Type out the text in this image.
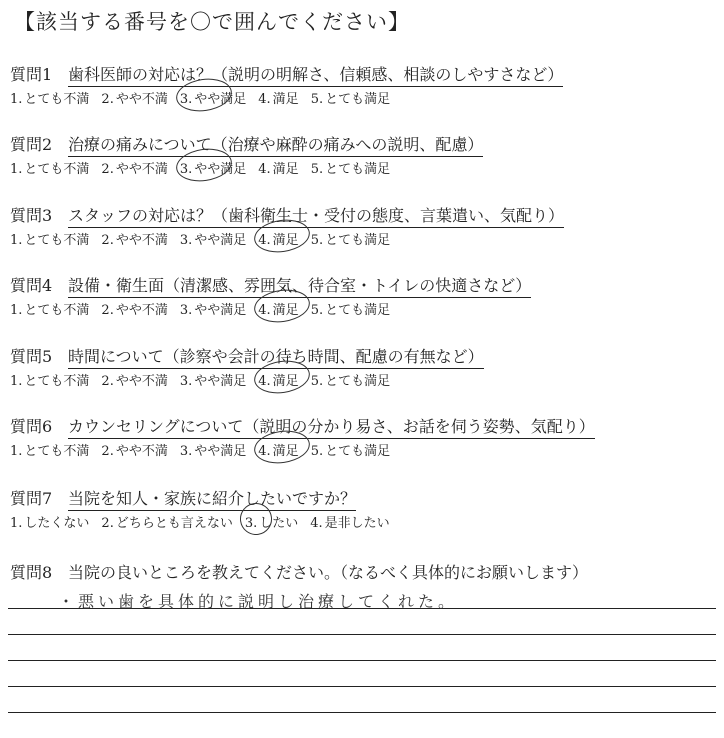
【該当する番号を〇で囲んでください】
質問1 歯科医師の対応は？（説明の明解さ、信頼感、相談のしやすさなど）
1. とても不満 2. やや不満 3. やや満足 4. 満足 5. とても満足
質問2 治療の痛みについて（治療や麻酔の痛みへの説明、配慮）
1. とても不満 2. やや不満 3. やや満足 4. 満足 5. とても満足
質問3 スタッフの対応は？（歯科衛生士・受付の態度、言葉遣い、気配り）
1. とても不満 2. やや不満 3. やや満足 4. 満足 5. とても満足
質問4 設備・衛生面（清潔感、雰囲気、待合室・トイレの快適さなど）
1. とても不満 2. やや不満 3. やや満足 4. 満足 5. とても満足
質問5 時間について（診察や会計の待ち時間、配慮の有無など）
1. とても不満 2. やや不満 3. やや満足 4. 満足 5. とても満足
質問6 カウンセリングについて（説明の分かり易さ、お話を伺う姿勢、気配り）
1. とても不満 2. やや不満 3. やや満足 4. 満足 5. とても満足
質問7 当院を知人・家族に紹介したいですか？
1. したくない 2. どちらとも言えない 3. したい 4. 是非したい
質問8 当院の良いところを教えてください。（なるべく具体的にお願いします）
・悪い歯を具体的に説明し治療してくれた。
